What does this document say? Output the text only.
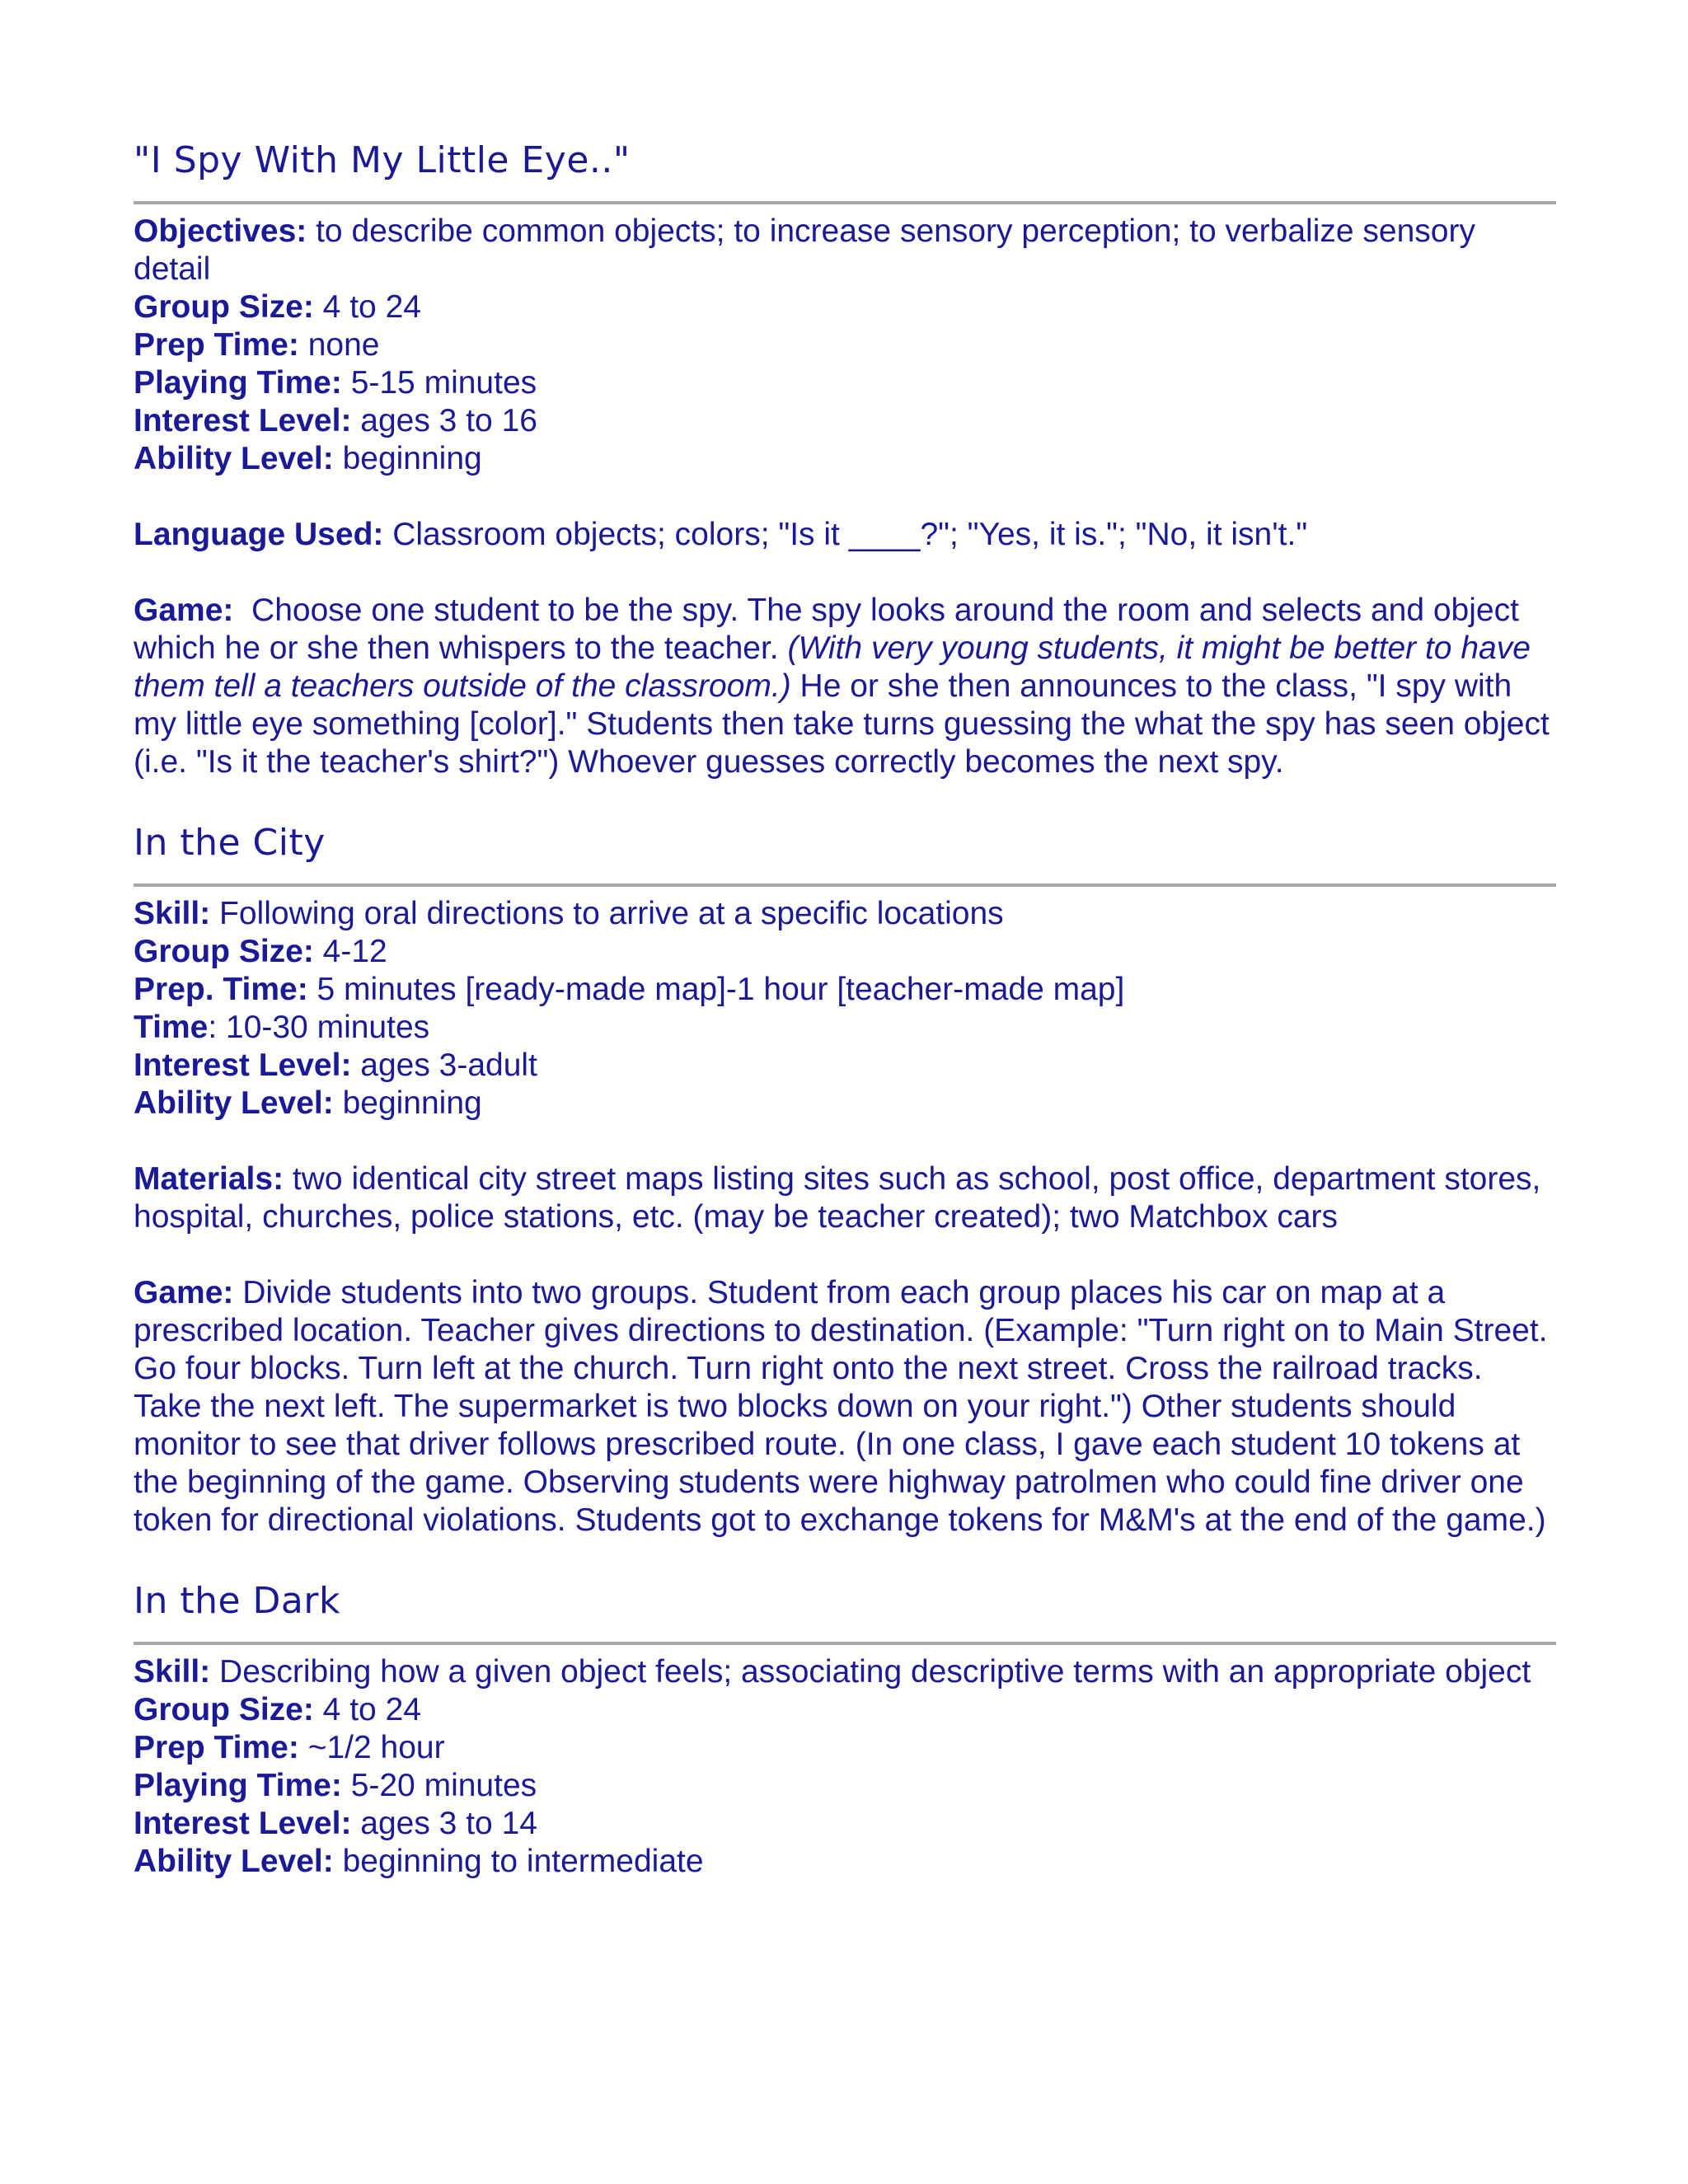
"I Spy With My Little Eye.."

Objectives: to describe common objects; to increase sensory perception; to verbalize sensory detail

Group Size: 4 to 24

Prep Time: none

Playing Time: 5-15 minutes

Interest Level: ages 3 to 16

Ability Level: beginning

Language Used: Classroom objects; colors; "Is it ____?"; "Yes, it is."; "No, it isn't."

Game:  Choose one student to be the spy. The spy looks around the room and selects and object which he or she then whispers to the teacher. (With very young students, it might be better to have them tell a teachers outside of the classroom.) He or she then announces to the class, "I spy with my little eye something [color]." Students then take turns guessing the what the spy has seen object (i.e. "Is it the teacher's shirt?") Whoever guesses correctly becomes the next spy.

In the City

Skill: Following oral directions to arrive at a specific locations

Group Size: 4-12

Prep. Time: 5 minutes [ready-made map]-1 hour [teacher-made map]

Time: 10-30 minutes

Interest Level: ages 3-adult

Ability Level: beginning

Materials: two identical city street maps listing sites such as school, post office, department stores, hospital, churches, police stations, etc. (may be teacher created); two Matchbox cars

Game: Divide students into two groups. Student from each group places his car on map at a prescribed location. Teacher gives directions to destination. (Example: "Turn right on to Main Street. Go four blocks. Turn left at the church. Turn right onto the next street. Cross the railroad tracks. Take the next left. The supermarket is two blocks down on your right.") Other students should monitor to see that driver follows prescribed route. (In one class, I gave each student 10 tokens at the beginning of the game. Observing students were highway patrolmen who could fine driver one token for directional violations. Students got to exchange tokens for M&M's at the end of the game.)

In the Dark

Skill: Describing how a given object feels; associating descriptive terms with an appropriate object

Group Size: 4 to 24

Prep Time: ~1/2 hour

Playing Time: 5-20 minutes

Interest Level: ages 3 to 14

Ability Level: beginning to intermediate
